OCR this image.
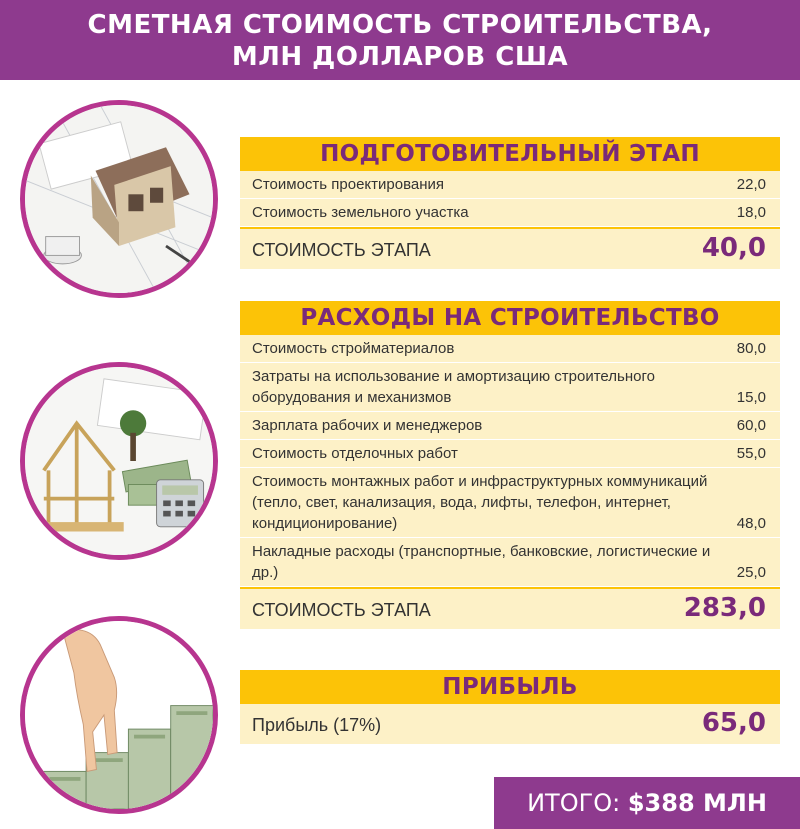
СМЕТНАЯ СТОИМОСТЬ СТРОИТЕЛЬСТВА,
МЛН ДОЛЛАРОВ США
ПОДГОТОВИТЕЛЬНЫЙ ЭТАП
Стоимость проектирования	22,0
Стоимость земельного участка	18,0
СТОИМОСТЬ ЭТАПА	40,0
РАСХОДЫ НА СТРОИТЕЛЬСТВО
Стоимость стройматериалов	80,0
Затраты на использование и амортизацию строительного оборудования и механизмов	15,0
Зарплата рабочих и менеджеров	60,0
Стоимость отделочных работ	55,0
Стоимость монтажных работ и инфраструктурных коммуникаций (тепло, свет, канализация, вода, лифты, телефон, интернет, кондиционирование)	48,0
Накладные расходы (транспортные, банковские, логистические и др.)	25,0
СТОИМОСТЬ ЭТАПА	283,0
ПРИБЫЛЬ
Прибыль (17%)	65,0
ИТОГО: $388 МЛН
